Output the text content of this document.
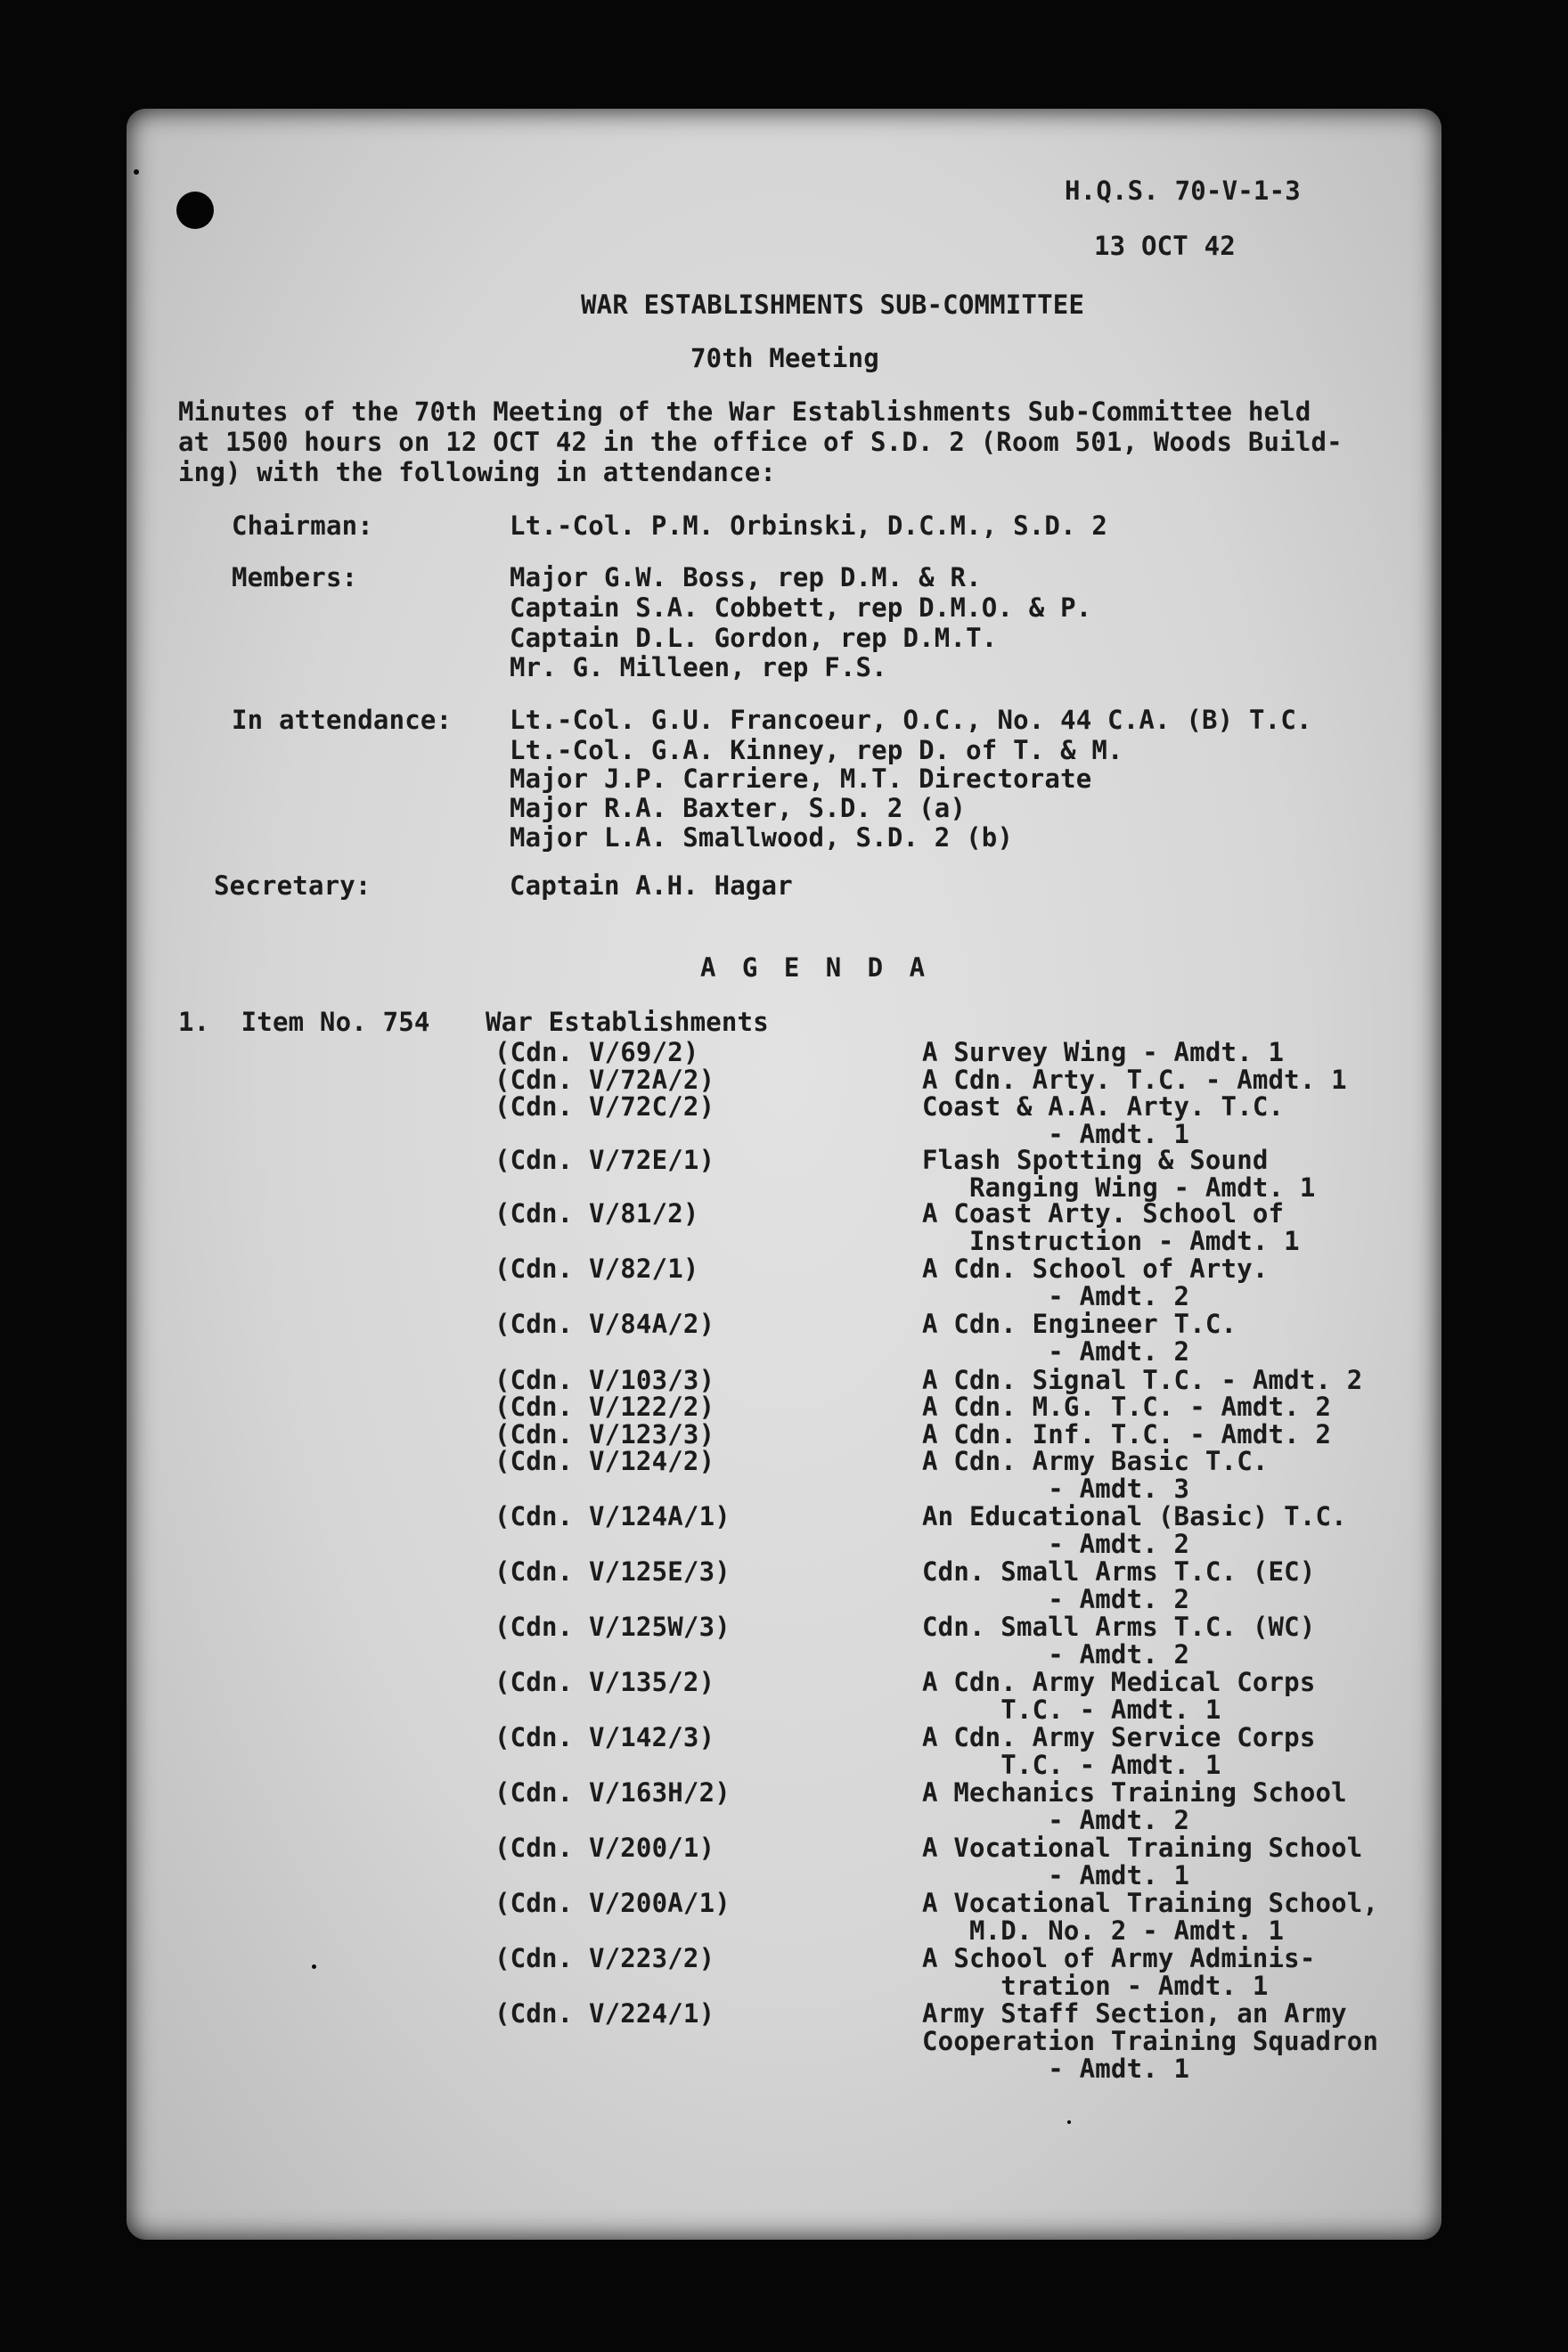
H.Q.S. 70-V-1-3

13 OCT 42

WAR ESTABLISHMENTS SUB-COMMITTEE

70th Meeting

Minutes of the 70th Meeting of the War Establishments Sub-Committee held

at 1500 hours on 12 OCT 42 in the office of S.D. 2 (Room 501, Woods Build-

ing) with the following in attendance:

Chairman:	Lt.-Col. P.M. Orbinski, D.C.M., S.D. 2

Members:	Major G.W. Boss, rep D.M. & R.

Captain S.A. Cobbett, rep D.M.O. & P.

Captain D.L. Gordon, rep D.M.T.

Mr. G. Milleen, rep F.S.

In attendance: Lt.-Col. G.U. Francoeur, O.C., No. 44 C.A. (B) T.C.

Lt.-Col. G.A. Kinney, rep D. of T. & M.

Major J.P. Carriere, M.T. Directorate

Major R.A. Baxter, S.D. 2 (a)

Major L.A. Smallwood, S.D. 2 (b)

Secretary:	Captain A.H. Hagar

A G E N D A

1.  Item No. 754 War Establishments

(Cdn. V/69/2)	A Survey Wing - Amdt. 1

(Cdn. V/72A/2)	A Cdn. Arty. T.C. - Amdt. 1

(Cdn. V/72C/2)	Coast & A.A. Arty. T.C.

- Amdt. 1

(Cdn. V/72E/1)	Flash Spotting & Sound

Ranging Wing - Amdt. 1

(Cdn. V/81/2)	A Coast Arty. School of

Instruction - Amdt. 1

(Cdn. V/82/1)	A Cdn. School of Arty.

- Amdt. 2

(Cdn. V/84A/2)	A Cdn. Engineer T.C.

- Amdt. 2

(Cdn. V/103/3)	A Cdn. Signal T.C. - Amdt. 2

(Cdn. V/122/2)	A Cdn. M.G. T.C. - Amdt. 2

(Cdn. V/123/3)	A Cdn. Inf. T.C. - Amdt. 2

(Cdn. V/124/2)	A Cdn. Army Basic T.C.

- Amdt. 3

(Cdn. V/124A/1)	An Educational (Basic) T.C.

- Amdt. 2

(Cdn. V/125E/3)	Cdn. Small Arms T.C. (EC)

- Amdt. 2

(Cdn. V/125W/3)	Cdn. Small Arms T.C. (WC)

- Amdt. 2

(Cdn. V/135/2)	A Cdn. Army Medical Corps

T.C. - Amdt. 1

(Cdn. V/142/3)	A Cdn. Army Service Corps

T.C. - Amdt. 1

(Cdn. V/163H/2)	A Mechanics Training School

- Amdt. 2

(Cdn. V/200/1)	A Vocational Training School

- Amdt. 1

(Cdn. V/200A/1)	A Vocational Training School,

M.D. No. 2 - Amdt. 1

(Cdn. V/223/2)	A School of Army Adminis-

tration - Amdt. 1

(Cdn. V/224/1)	Army Staff Section, an Army

Cooperation Training Squadron

- Amdt. 1
